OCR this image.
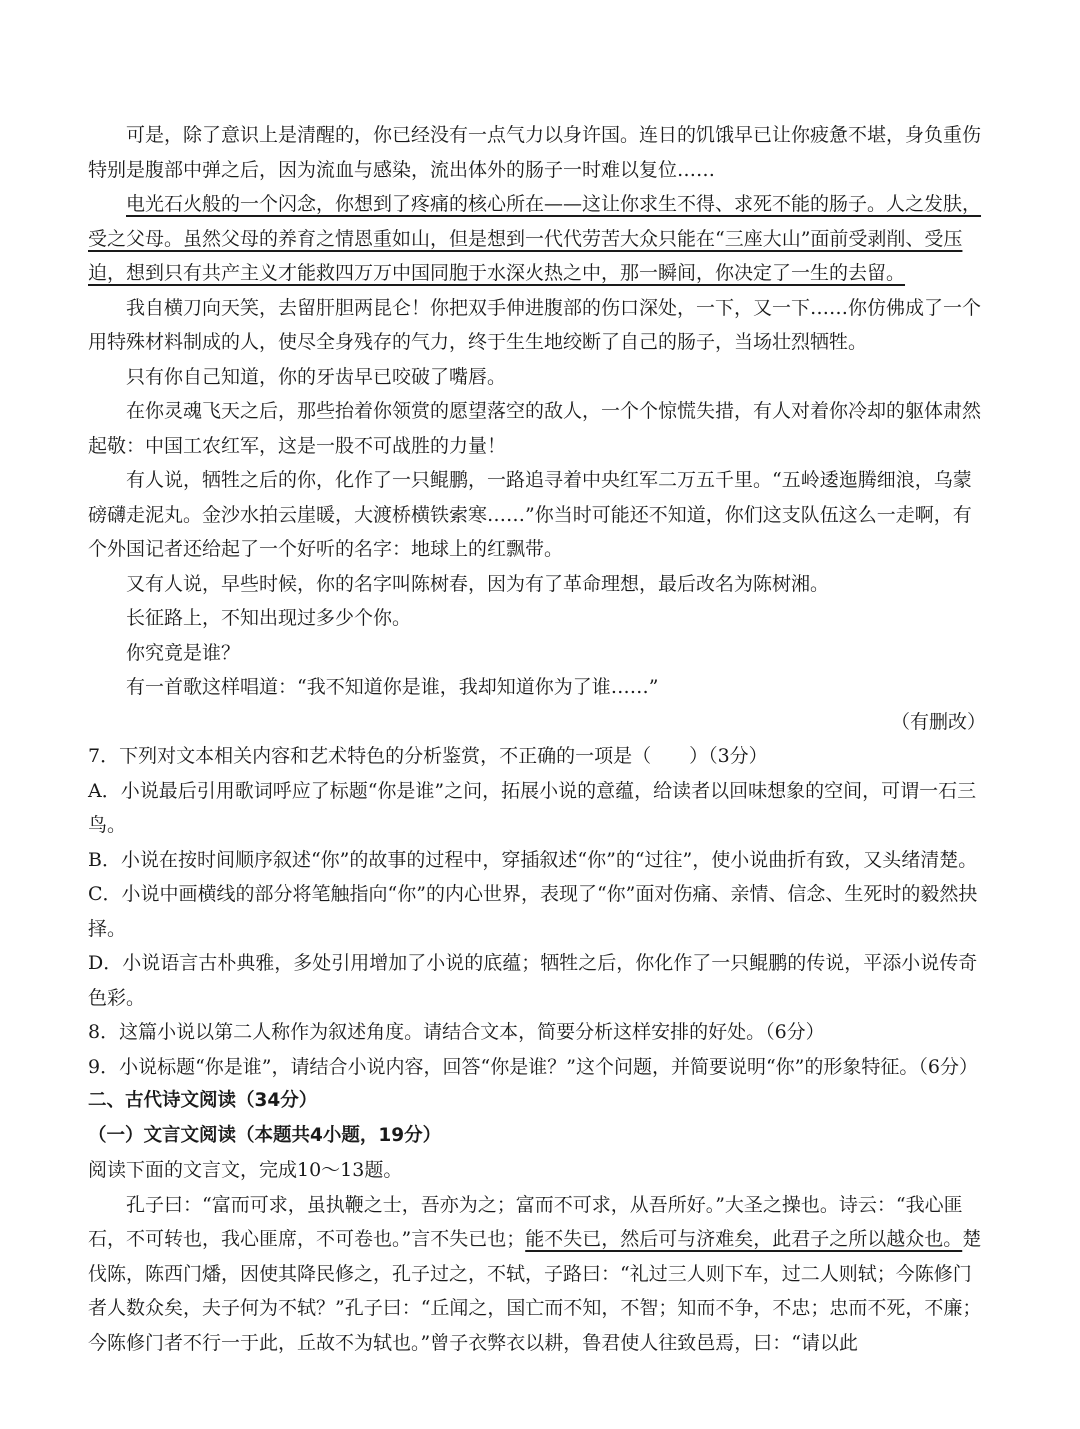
可是，除了意识上是清醒的，你已经没有一点气力以身许国。连日的饥饿早已让你疲惫不堪，身负重伤特别是腹部中弹之后，因为流血与感染，流出体外的肠子一时难以复位……

电光石火般的一个闪念，你想到了疼痛的核心所在——这让你求生不得、求死不能的肠子。人之发肤，受之父母。虽然父母的养育之情恩重如山，但是想到一代代劳苦大众只能在“三座大山”面前受剥削、受压迫，想到只有共产主义才能救四万万中国同胞于水深火热之中，那一瞬间，你决定了一生的去留。

我自横刀向天笑，去留肝胆两昆仑！你把双手伸进腹部的伤口深处，一下，又一下……你仿佛成了一个用特殊材料制成的人，使尽全身残存的气力，终于生生地绞断了自己的肠子，当场壮烈牺牲。

只有你自己知道，你的牙齿早已咬破了嘴唇。

在你灵魂飞天之后，那些抬着你领赏的愿望落空的敌人，一个个惊慌失措，有人对着你冷却的躯体肃然起敬：中国工农红军，这是一股不可战胜的力量！

有人说，牺牲之后的你，化作了一只鲲鹏，一路追寻着中央红军二万五千里。“五岭逶迤腾细浪，乌蒙磅礴走泥丸。金沙水拍云崖暖，大渡桥横铁索寒……”你当时可能还不知道，你们这支队伍这么一走啊，有个外国记者还给起了一个好听的名字：地球上的红飘带。

又有人说，早些时候，你的名字叫陈树春，因为有了革命理想，最后改名为陈树湘。

长征路上，不知出现过多少个你。

你究竟是谁？

有一首歌这样唱道：“我不知道你是谁，我却知道你为了谁……”

（有删改）

7．下列对文本相关内容和艺术特色的分析鉴赏，不正确的一项是（　　）（3分）

A．小说最后引用歌词呼应了标题“你是谁”之问，拓展小说的意蕴，给读者以回味想象的空间，可谓一石三鸟。

B．小说在按时间顺序叙述“你”的故事的过程中，穿插叙述“你”的“过往”，使小说曲折有致，又头绪清楚。

C．小说中画横线的部分将笔触指向“你”的内心世界，表现了“你”面对伤痛、亲情、信念、生死时的毅然抉择。

D．小说语言古朴典雅，多处引用增加了小说的底蕴；牺牲之后，你化作了一只鲲鹏的传说，平添小说传奇色彩。

8．这篇小说以第二人称作为叙述角度。请结合文本，简要分析这样安排的好处。（6分）

9．小说标题“你是谁”，请结合小说内容，回答“你是谁？”这个问题，并简要说明“你”的形象特征。（6分）

二、古代诗文阅读（34分）

（一）文言文阅读（本题共4小题，19分）

阅读下面的文言文，完成10～13题。

孔子曰：“富而可求，虽执鞭之士，吾亦为之；富而不可求，从吾所好。”大圣之操也。诗云：“我心匪石，不可转也，我心匪席，不可卷也。”言不失已也；能不失已，然后可与济难矣，此君子之所以越众也。楚伐陈，陈西门燔，因使其降民修之，孔子过之，不轼，子路曰：“礼过三人则下车，过二人则轼；今陈修门者人数众矣，夫子何为不轼？”孔子曰：“丘闻之，国亡而不知，不智；知而不争，不忠；忠而不死，不廉；今陈修门者不行一于此，丘故不为轼也。”曾子衣弊衣以耕，鲁君使人往致邑焉，曰：“请以此
